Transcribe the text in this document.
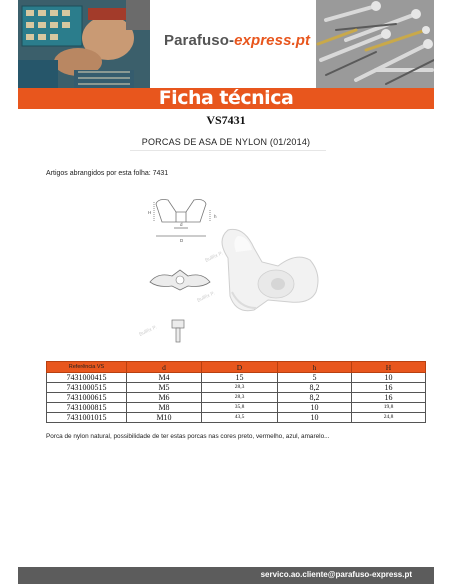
Parafuso-express.pt
Ficha técnica
VS7431
PORCAS DE ASA DE NYLON (01/2014)
Artigos abrangidos por esta folha: 7431
H
h
d
D
Bullfix P.
Bullfix P.
Bullfix P.
Referência VS	d	D	h	H
7431000415	M4	15	5	10
7431000515	M5	28,3	8,2	16
7431000615	M6	28,3	8,2	16
7431000815	M8	35,8	10	19,8
7431001015	M10	43,5	10	24,8
Porca de nylon natural, possibilidade de ter estas porcas nas cores preto, vermelho, azul, amarelo...
servico.ao.cliente@parafuso-express.pt
